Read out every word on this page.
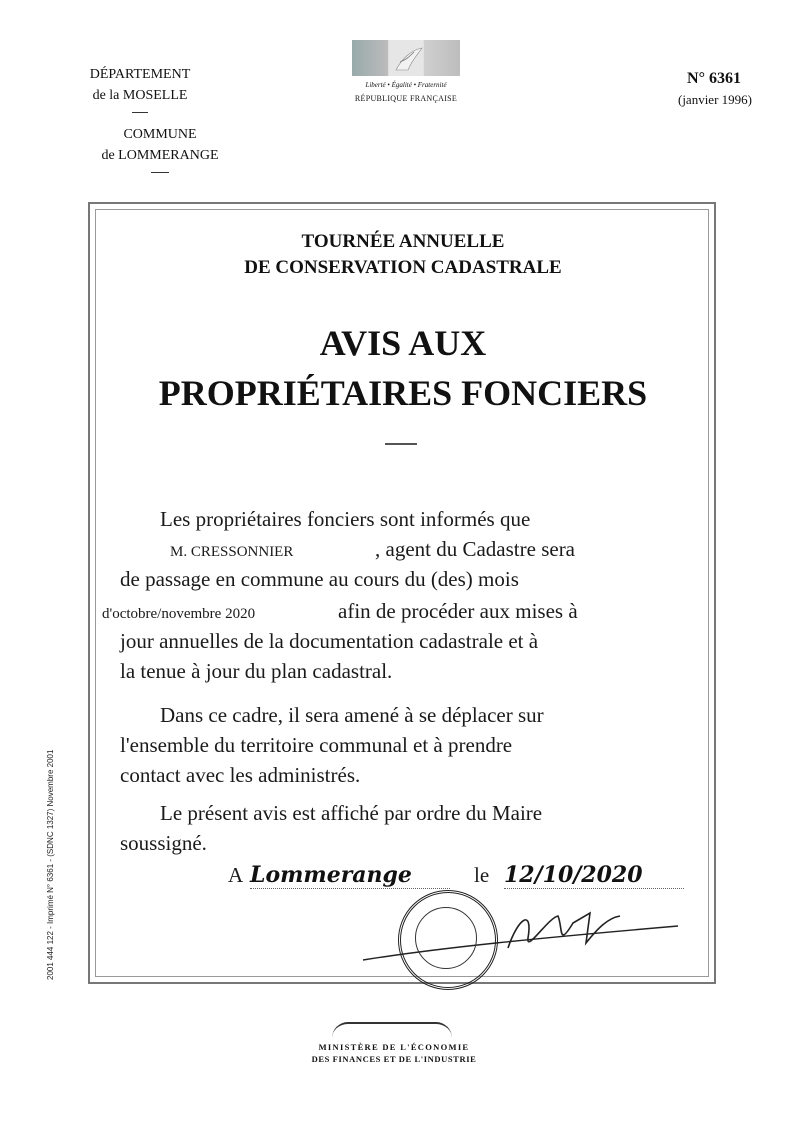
DÉPARTEMENT
de la MOSELLE
COMMUNE
de LOMMERANGE
Liberté • Égalité • Fraternité
RÉPUBLIQUE FRANÇAISE
N° 6361
(janvier 1996)
TOURNÉE ANNUELLE
DE CONSERVATION CADASTRALE
AVIS AUX
PROPRIÉTAIRES FONCIERS
Les propriétaires fonciers sont informés que
M. CRESSONNIER	, agent du Cadastre sera
de passage en commune au cours du (des) mois
d'octobre/novembre 2020	afin de procéder aux mises à
jour annuelles de la documentation cadastrale et à
la tenue à jour du plan cadastral.
Dans ce cadre, il sera amené à se déplacer sur
l'ensemble du territoire communal et à prendre
contact avec les administrés.
Le présent avis est affiché par ordre du Maire
soussigné.
A Lommerange	le 12/10/2020
2001 444 122 - Imprimé N° 6361 - (SDNC 1327) Novembre 2001
MINISTÈRE DE L'ÉCONOMIE
DES FINANCES ET DE L'INDUSTRIE
